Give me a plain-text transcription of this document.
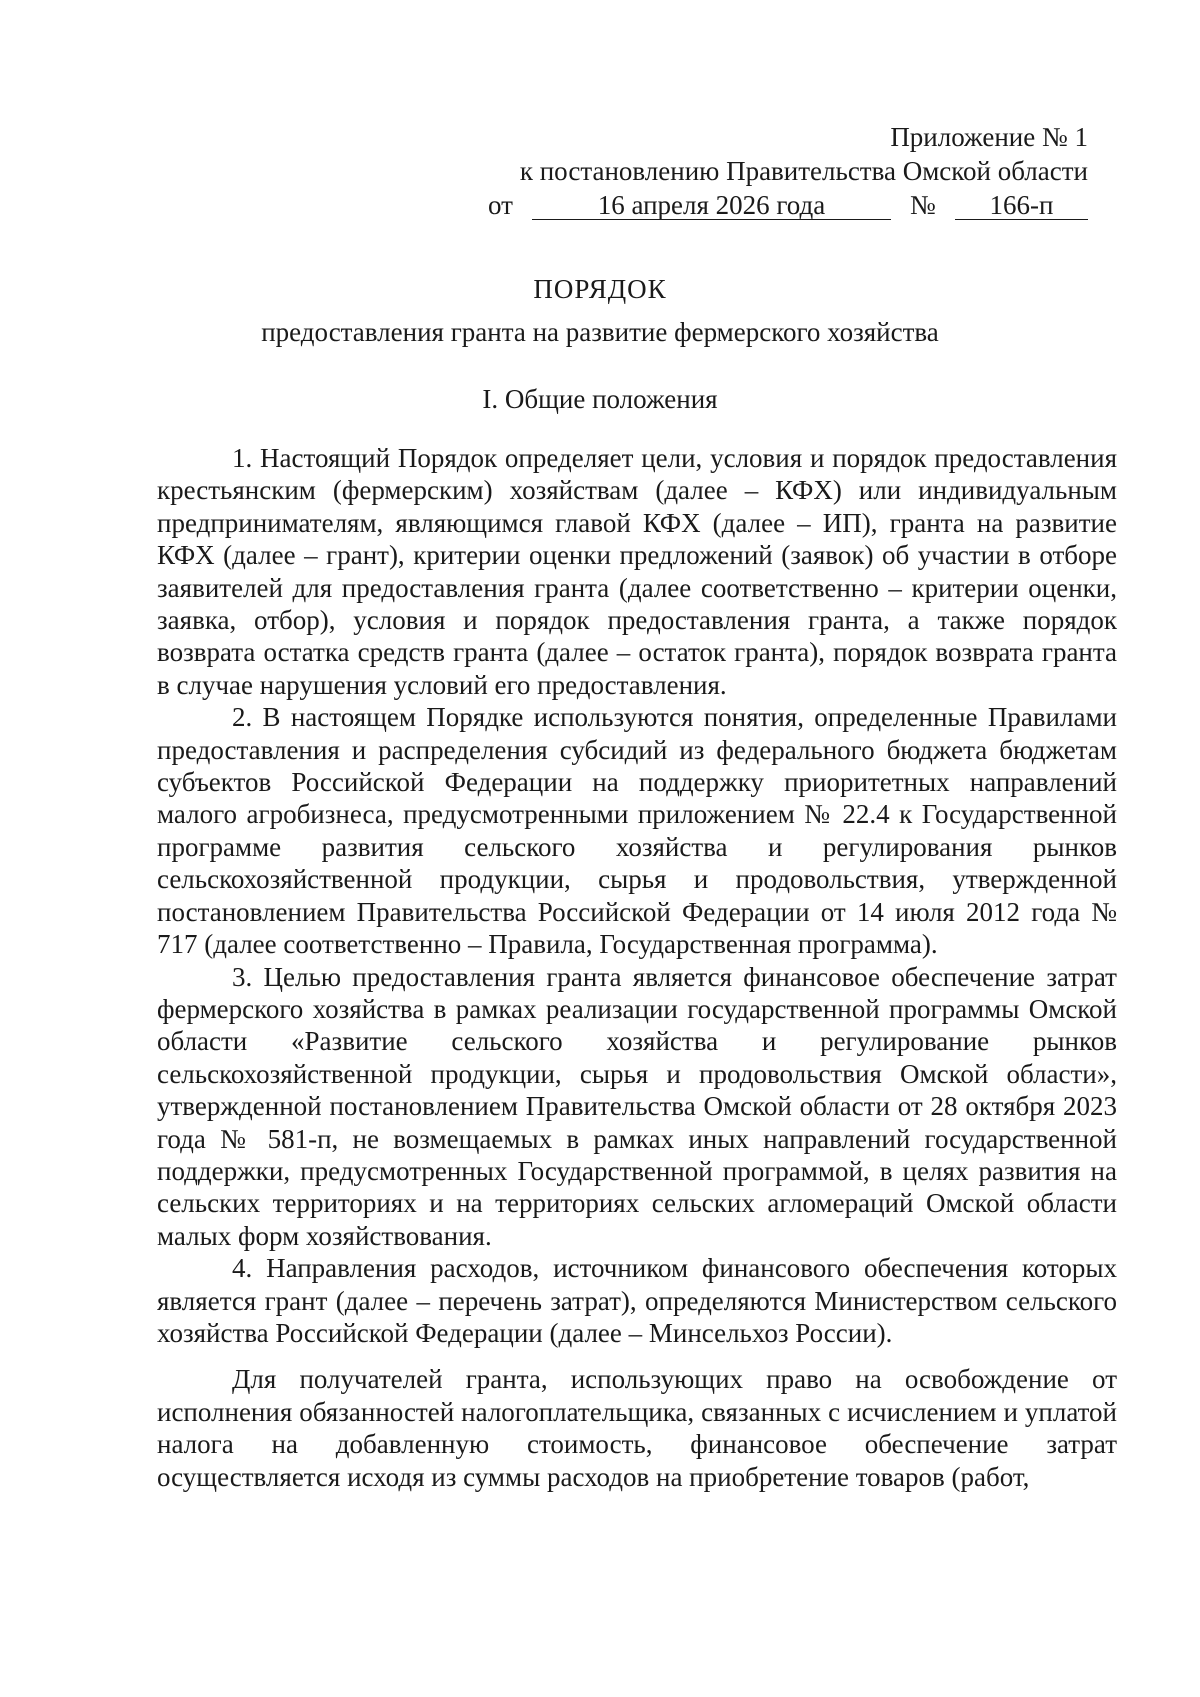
Приложение № 1
к постановлению Правительства Омской области
от	16 апреля 2026 года	№	166-п
ПОРЯДОК
предоставления гранта на развитие фермерского хозяйства
I. Общие положения

1. Настоящий Порядок определяет цели, условия и порядок предоставления крестьянским (фермерским) хозяйствам (далее – КФХ) или индивидуальным предпринимателям, являющимся главой КФХ (далее – ИП), гранта на развитие КФХ (далее – грант), критерии оценки предложений (заявок) об участии в отборе заявителей для предоставления гранта (далее соответственно – критерии оценки, заявка, отбор), условия и порядок предоставления гранта, а также порядок возврата остатка средств гранта (далее – остаток гранта), порядок возврата гранта в случае нарушения условий его предоставления.

2. В настоящем Порядке используются понятия, определенные Правилами предоставления и распределения субсидий из федерального бюджета бюджетам субъектов Российской Федерации на поддержку приоритетных направлений малого агробизнеса, предусмотренными приложением № 22.4 к Государственной программе развития сельского хозяйства и регулирования рынков сельскохозяйственной продукции, сырья и продовольствия, утвержденной постановлением Правительства Российской Федерации от 14 июля 2012 года № 717 (далее соответственно – Правила, Государственная программа).

3. Целью предоставления гранта является финансовое обеспечение затрат фермерского хозяйства в рамках реализации государственной программы Омской области «Развитие сельского хозяйства и регулирование рынков сельскохозяйственной продукции, сырья и продовольствия Омской области», утвержденной постановлением Правительства Омской области от 28 октября 2023 года № 581-п, не возмещаемых в рамках иных направлений государственной поддержки, предусмотренных Государственной программой, в целях развития на сельских территориях и на территориях сельских агломераций Омской области малых форм хозяйствования.

4. Направления расходов, источником финансового обеспечения которых является грант (далее – перечень затрат), определяются Министерством сельского хозяйства Российской Федерации (далее – Минсельхоз России).

Для получателей гранта, использующих право на освобождение от исполнения обязанностей налогоплательщика, связанных с исчислением и уплатой налога на добавленную стоимость, финансовое обеспечение затрат осуществляется исходя из суммы расходов на приобретение товаров (работ,
